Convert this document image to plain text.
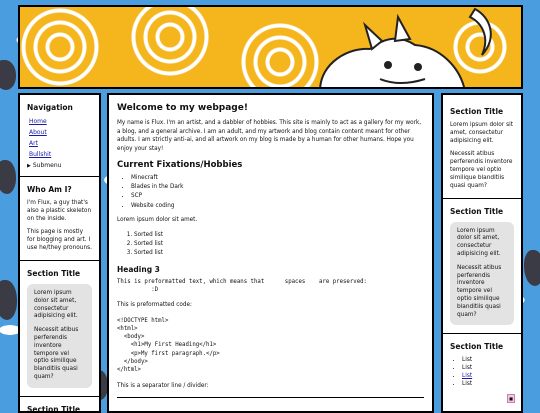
Navigation
Home
About
Art
Bullshit
▶ Submenu
Who Am I?

I'm Flux, a guy that's also a plastic skeleton on the inside.

This page is mostly for blogging and art. I use he/they pronouns.

Section Title

Lorem ipsum dolor sit amet, consectetur adipisicing elit.

Necessit atibus perferendis inventore tempore vel optio similique blanditiis quasi quam?

Section Title
Welcome to my webpage!

My name is Flux. I'm an artist, and a dabbler of hobbies. This site is mainly to act as a gallery for my work, a blog, and a general archive. I am an adult, and my artwork and blog contain content meant for other adults. I am strictly anti-ai, and all artwork on my blog is made by a human for other humans. Hope you enjoy your stay!

Current Fixations/Hobbies
• Minecraft
• Blades in the Dark
• SCP
• Website coding

Lorem ipsum dolor sit amet.

1. Sorted list
2. Sorted list
3. Sorted list
Heading 3
This is preformatted text, which means that      spaces    are preserved:
:D

This is preformatted code:

<!DOCTYPE html>
<html>
<body>
<h1>My First Heading</h1>
<p>My first paragraph.</p>
</body>
</html>

This is a separator line / divider:

Section Title

Lorem ipsum dolor sit amet, consectetur adipisicing elit.

Necessit atibus perferendis inventore tempore vel optio similique blanditiis quasi quam?

Section Title

Lorem ipsum dolor sit amet, consectetur adipisicing elit.

Necessit atibus perferendis inventore tempore vel optio similique blanditiis quasi quam?

Section Title
• List
• List
• List
• List
■
